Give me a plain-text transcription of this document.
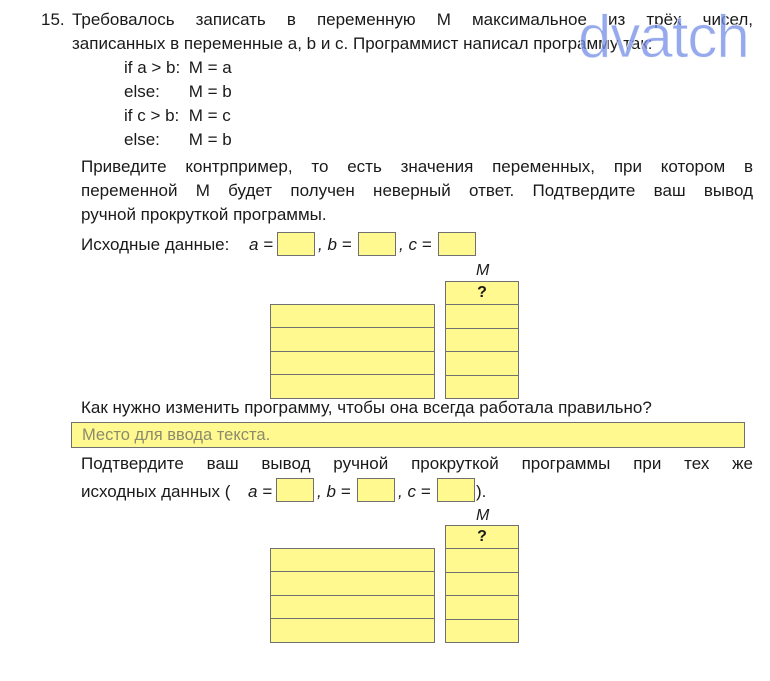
15. Требовалось записать в переменную М максимальное из трёх чисел,
записанных в переменные a, b и c. Программист написал программу так:
if a > b: M = a
else: M = b
if c > b: M = c
else: M = b
Приведите контрпример, то есть значения переменных, при котором в
переменной М будет получен неверный ответ. Подтвердите ваш вывод
ручной прокруткой программы.
Исходные данные: a =	, b =	, c =
М
?
Как нужно изменить программу, чтобы она всегда работала правильно?
Место для ввода текста.
Подтвердите ваш вывод ручной прокруткой программы при тех же
исходных данных ( a =	, b =	, c =	).
М
?
dvatch
